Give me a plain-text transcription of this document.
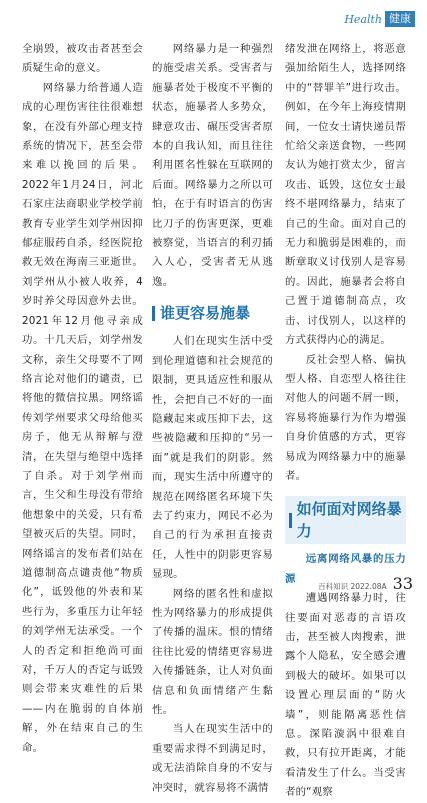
Health 健康

全崩毁，被攻击者甚至会质疑生命的意义。

网络暴力给普通人造成的心理伤害往往很难想象，在没有外部心理支持系统的情况下，甚至会带来难以挽回的后果。2022年1月24日，河北石家庄法商职业学校学前教育专业学生刘学州因抑郁症服药自杀，经医院抢救无效在海南三亚逝世。刘学州从小被人收养，4岁时养父母因意外去世。2021年12月他寻亲成功。十几天后，刘学州发文称，亲生父母要不了网络言论对他们的谴责，已将他的微信拉黑。网络谣传刘学州要求父母给他买房子，他无从辩解与澄清，在失望与绝望中选择了自杀。对于刘学州而言，生父和生母没有带给他想象中的关爱，只有希望被灭后的失望。同时，网络谣言的发布者们站在道德制高点谴责他“物质化”，诋毁他的外表和某些行为，多重压力让年轻的刘学州无法承受。一个人的否定和拒绝尚可面对，千万人的否定与诋毁则会带来灾难性的后果——内在脆弱的自体崩解，外在结束自己的生命。

网络暴力是一种强烈的施受虐关系。受害者与施暴者处于极度不平衡的状态，施暴者人多势众，肆意攻击、碾压受害者原本的自我认知，而且往往利用匿名性躲在互联网的后面。网络暴力之所以可怕，在于有时语言的伤害比刀子的伤害更深，更难被察觉，当语言的利刃插入人心，受害者无从逃逸。

谁更容易施暴

人们在现实生活中受到伦理道德和社会规范的限制，更具适应性和服从性，会把自己不好的一面隐藏起来或压抑下去，这些被隐藏和压抑的“另一面”就是我们的阴影。然而，现实生活中所遵守的规范在网络匿名环境下失去了约束力，网民不必为自己的行为承担直接责任，人性中的阴影更容易显现。

网络的匿名性和虚拟性为网络暴力的形成提供了传播的温床。恨的情绪往往比爱的情绪更容易进入传播链条，让人对负面信息和负面情绪产生黏性。

当人在现实生活中的重要需求得不到满足时，或无法消除自身的不安与冲突时，就容易将不满情

绪发泄在网络上，将恶意强加给陌生人，选择网络中的“替罪羊”进行攻击。例如，在今年上海疫情期间，一位女士请快递员帮忙给父亲送食物，一些网友认为她打赏太少，留言攻击、诋毁，这位女士最终不堪网络暴力，结束了自己的生命。面对自己的无力和脆弱是困难的，而断章取义讨伐别人是容易的。因此，施暴者会将自己置于道德制高点，攻击、讨伐别人，以这样的方式获得内心的满足。

反社会型人格、偏执型人格、自恋型人格往往对他人的问题不屑一顾，容易将施暴行为作为增强自身价值感的方式，更容易成为网络暴力中的施暴者。

如何面对网络暴力

远离网络风暴的压力源

遭遇网络暴力时，往往要面对恶毒的言语攻击，甚至被人肉搜索，泄露个人隐私，安全感会遭到极大的破坏。如果可以设置心理层面的“防火墙”，则能隔离恶性信息。深陷漩涡中很难自救，只有拉开距离，才能看清发生了什么。当受害者的“观察

百科知识 2022.08A 33
